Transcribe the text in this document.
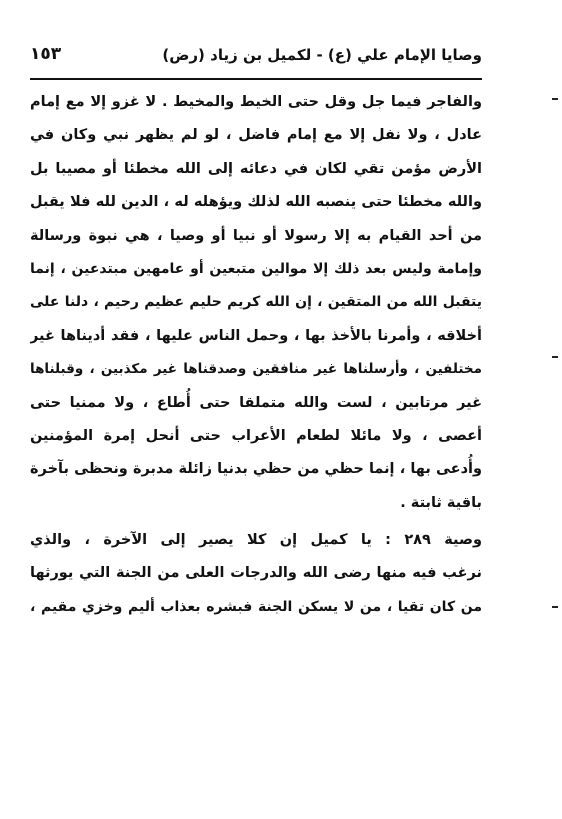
وصايا الإمام علي (ع) - لكميل بن زياد (رض)
١٥٣
والفاجر فيما جل وقل حتى الخيط والمخيط . لا غزو إلا مع إمام
عادل ، ولا نفل إلا مع إمام فاضل ، لو لم يظهر نبي وكان في
الأرض مؤمن تقي لكان في دعائه إلى الله مخطئا أو مصيبا بل
والله مخطئا حتى ينصبه الله لذلك ويؤهله له ، الدين لله فلا يقبل
من أحد القيام به إلا رسولا أو نبيا أو وصيا ، هي نبوة ورسالة
وإمامة وليس بعد ذلك إلا موالين متبعين أو عامهين مبتدعين ، إنما
يتقبل الله من المتقين ، إن الله كريم حليم عظيم رحيم ، دلنا على
أخلاقه ، وأمرنا بالأخذ بها ، وحمل الناس عليها ، فقد أديناها غير
مختلفين ، وأرسلناها غير منافقين وصدقناها غير مكذبين ، وقبلناها
غير مرتابين ، لست والله متملقا حتى أُطاع ، ولا ممنيا حتى
أعصى ، ولا مائلا لطعام الأعراب حتى أنحل إمرة المؤمنين
وأُدعى بها ، إنما حظي من حظي بدنيا زائلة مدبرة ونحظى بآخرة
باقية ثابتة .
وصية ٢٨٩ : يا كميل إن كلا يصير إلى الآخرة ، والذي
نرغب فيه منها رضى الله والدرجات العلى من الجنة التي يورثها
من كان تقيا ، من لا يسكن الجنة فبشره بعذاب أليم وخزي مقيم ،
